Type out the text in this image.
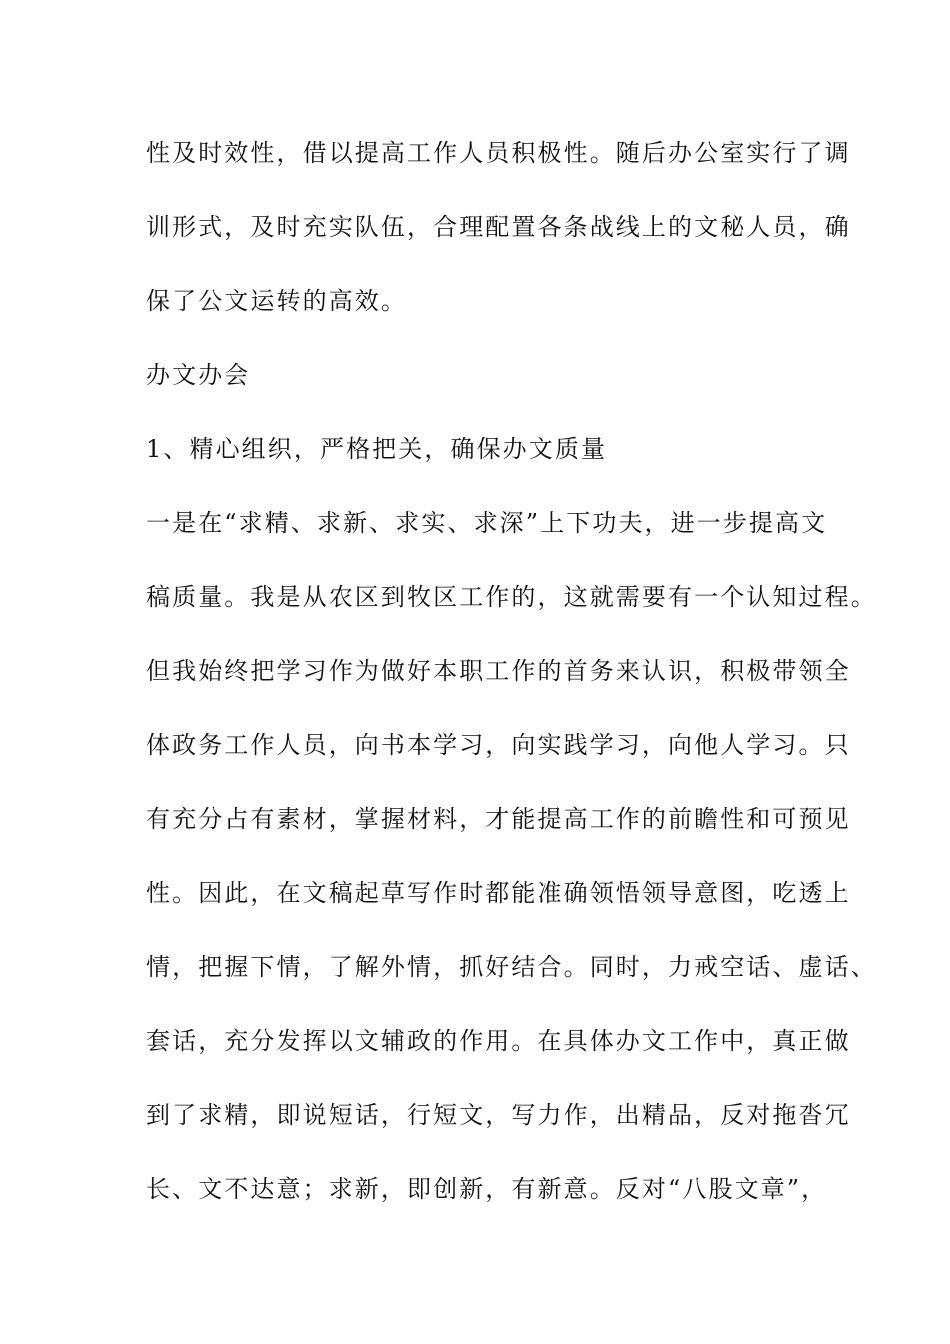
性及时效性，借以提高工作人员积极性。随后办公室实行了调
训形式，及时充实队伍，合理配置各条战线上的文秘人员，确
保了公文运转的高效。
办文办会
1、精心组织，严格把关，确保办文质量
一是在“求精、求新、求实、求深”上下功夫，进一步提高文
稿质量。我是从农区到牧区工作的，这就需要有一个认知过程。
但我始终把学习作为做好本职工作的首务来认识，积极带领全
体政务工作人员，向书本学习，向实践学习，向他人学习。只
有充分占有素材，掌握材料，才能提高工作的前瞻性和可预见
性。因此，在文稿起草写作时都能准确领悟领导意图，吃透上
情，把握下情，了解外情，抓好结合。同时，力戒空话、虚话、
套话，充分发挥以文辅政的作用。在具体办文工作中，真正做
到了求精，即说短话，行短文，写力作，出精品，反对拖沓冗
长、文不达意；求新，即创新，有新意。反对“八股文章”，
